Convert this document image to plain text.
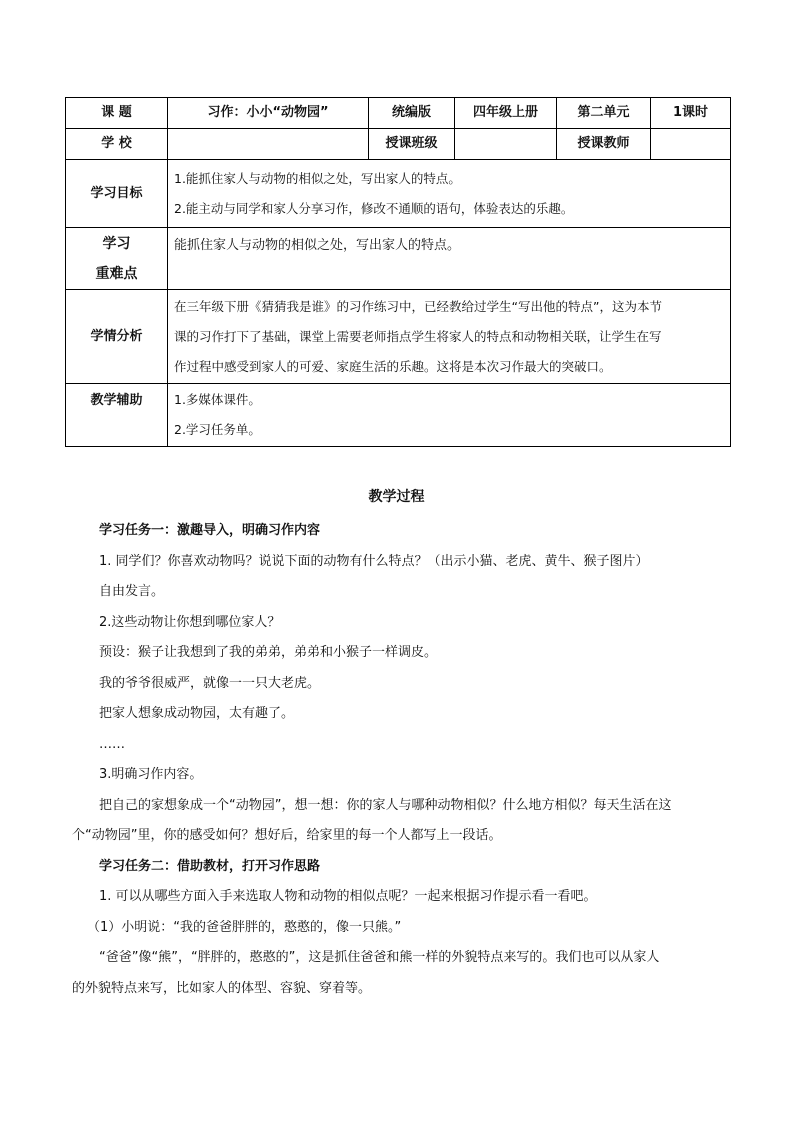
课 题	习作：小小“动物园”	统编版	四年级上册	第二单元	1课时
学 校		授课班级		授课教师	
学习目标	1.能抓住家人与动物的相似之处，写出家人的特点。
2.能主动与同学和家人分享习作，修改不通顺的语句，体验表达的乐趣。				

学习
重难点	能抓住家人与动物的相似之处，写出家人的特点。				
学情分析	在三年级下册《猜猜我是谁》的习作练习中，已经教给过学生“写出他的特点”，这为本节
课的习作打下了基础，课堂上需要老师指点学生将家人的特点和动物相关联，让学生在写
作过程中感受到家人的可爱、家庭生活的乐趣。这将是本次习作最大的突破口。				

教学辅助	1.多媒体课件。
2.学习任务单。				
教学过程

学习任务一：激趣导入，明确习作内容

1. 同学们？你喜欢动物吗？说说下面的动物有什么特点？（出示小猫、老虎、黄牛、猴子图片）

自由发言。

2.这些动物让你想到哪位家人？

预设：猴子让我想到了我的弟弟，弟弟和小猴子一样调皮。

我的爷爷很威严，就像一一只大老虎。

把家人想象成动物园，太有趣了。

……

3.明确习作内容。

把自己的家想象成一个“动物园”，想一想：你的家人与哪种动物相似？什么地方相似？每天生活在这

个“动物园”里，你的感受如何？想好后，给家里的每一个人都写上一段话。

学习任务二：借助教材，打开习作思路

1. 可以从哪些方面入手来选取人物和动物的相似点呢？一起来根据习作提示看一看吧。

（1）小明说：“我的爸爸胖胖的，憨憨的，像一只熊。”

“爸爸”像“熊”，“胖胖的，憨憨的”，这是抓住爸爸和熊一样的外貌特点来写的。我们也可以从家人

的外貌特点来写，比如家人的体型、容貌、穿着等。
